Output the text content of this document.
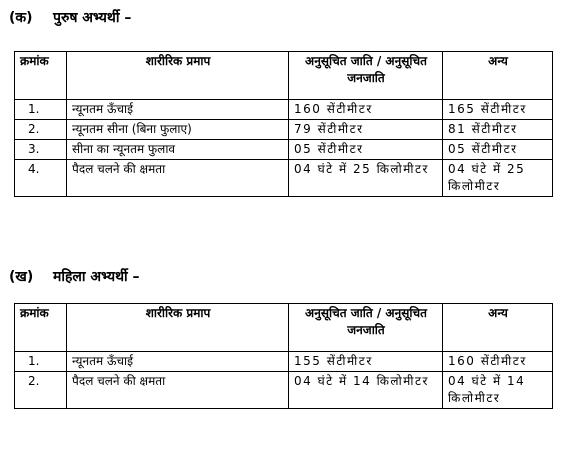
(क) पुरुष अभ्यर्थी –
क्रमांक	शारीरिक प्रमाप	अनुसूचित जाति / अनुसूचित जनजाति	अन्य
1.	न्यूनतम ऊँचाई	160 सेंटीमीटर	165 सेंटीमीटर
2.	न्यूनतम सीना (बिना फुलाए)	79 सेंटीमीटर	81 सेंटीमीटर
3.	सीना का न्यूनतम फुलाव	05 सेंटीमीटर	05 सेंटीमीटर
4.	पैदल चलने की क्षमता	04 घंटे में 25 किलोमीटर	04 घंटे में 25 किलोमीटर
(ख) महिला अभ्यर्थी –
क्रमांक	शारीरिक प्रमाप	अनुसूचित जाति / अनुसूचित जनजाति	अन्य
1.	न्यूनतम ऊँचाई	155 सेंटीमीटर	160 सेंटीमीटर
2.	पैदल चलने की क्षमता	04 घंटे में 14 किलोमीटर	04 घंटे में 14 किलोमीटर
